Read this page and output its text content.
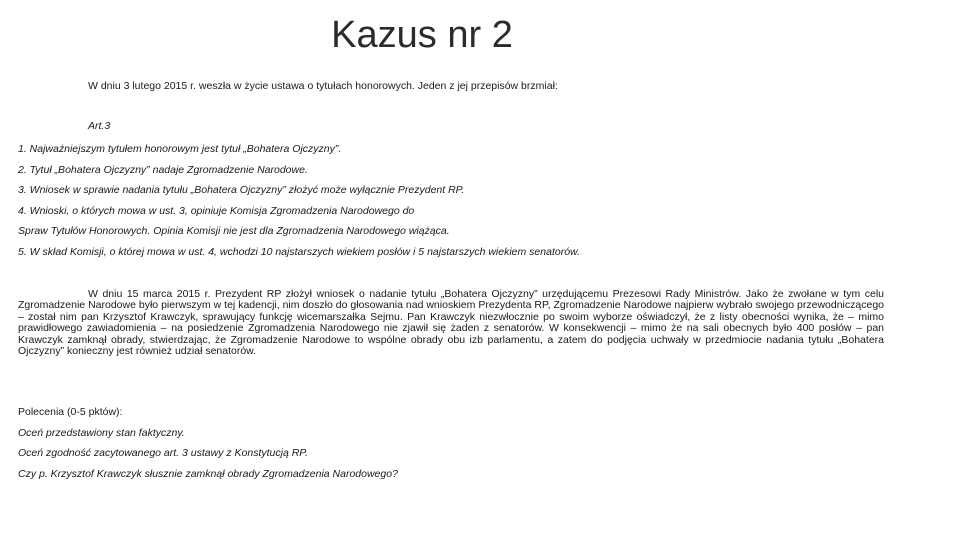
Kazus nr 2
W dniu 3 lutego 2015 r. weszła w życie ustawa o tytułach honorowych. Jeden z jej przepisów brzmiał:
Art.3
1. Najważniejszym tytułem honorowym jest tytuł „Bohatera Ojczyzny”.
2. Tytuł „Bohatera Ojczyzny” nadaje Zgromadzenie Narodowe.
3. Wniosek w sprawie nadania tytułu „Bohatera Ojczyzny” złożyć może wyłącznie Prezydent RP.
4. Wnioski, o których mowa w ust. 3, opiniuje Komisja Zgromadzenia Narodowego do
Spraw Tytułów Honorowych. Opinia Komisji nie jest dla Zgromadzenia Narodowego wiążąca.
5. W skład Komisji, o której mowa w ust. 4, wchodzi 10 najstarszych wiekiem posłów i 5 najstarszych wiekiem senatorów.
W dniu 15 marca 2015 r. Prezydent RP złożył wniosek o nadanie tytułu „Bohatera Ojczyzny” urzędującemu Prezesowi Rady Ministrów. Jako że zwołane w tym celu Zgromadzenie Narodowe było pierwszym w tej kadencji, nim doszło do głosowania nad wnioskiem Prezydenta RP, Zgromadzenie Narodowe najpierw wybrało swojego przewodniczącego – został nim pan Krzysztof Krawczyk, sprawujący funkcję wicemarszałka Sejmu. Pan Krawczyk niezwłocznie po swoim wyborze oświadczył, że z listy obecności wynika, że – mimo prawidłowego zawiadomienia – na posiedzenie Zgromadzenia Narodowego nie zjawił się żaden z senatorów. W konsekwencji – mimo że na sali obecnych było 400 posłów – pan Krawczyk zamknął obrady, stwierdzając, że Zgromadzenie Narodowe to wspólne obrady obu izb parlamentu, a zatem do podjęcia uchwały w przedmiocie nadania tytułu „Bohatera Ojczyzny” konieczny jest również udział senatorów.
Polecenia (0-5 pktów):
Oceń przedstawiony stan faktyczny.
Oceń zgodność zacytowanego art. 3 ustawy z Konstytucją RP.
Czy p. Krzysztof Krawczyk słusznie zamknął obrady Zgromadzenia Narodowego?
